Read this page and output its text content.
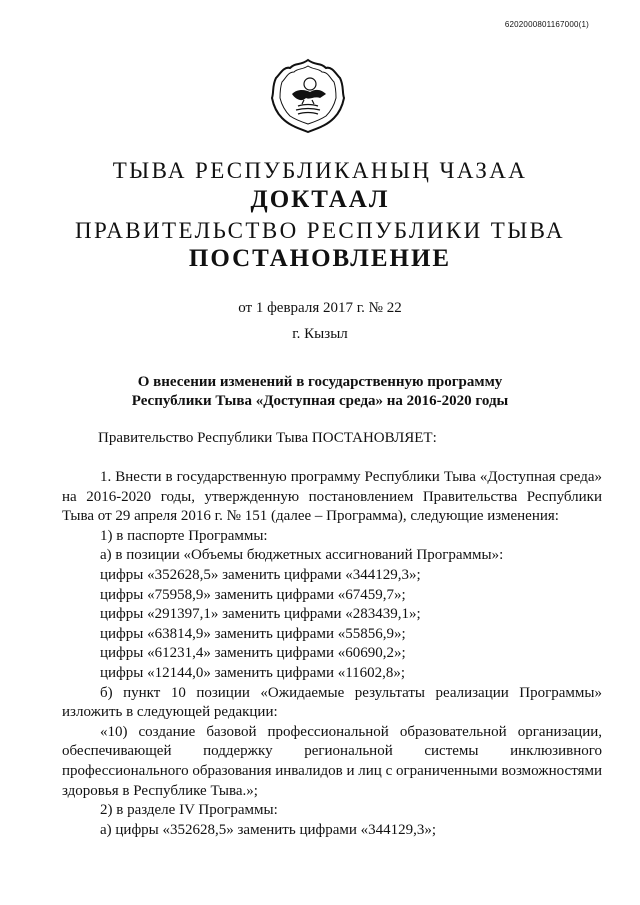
6202000801167000(1)
ТЫВА РЕСПУБЛИКАНЫҢ ЧАЗАА
ДОКТААЛ
ПРАВИТЕЛЬСТВО РЕСПУБЛИКИ ТЫВА
ПОСТАНОВЛЕНИЕ
от 1 февраля 2017 г. № 22
г. Кызыл
О внесении изменений в государственную программу
Республики Тыва «Доступная среда» на 2016-2020 годы
Правительство Республики Тыва ПОСТАНОВЛЯЕТ:

1. Внести в государственную программу Республики Тыва «Доступная среда» на 2016-2020 годы, утвержденную постановлением Правительства Республики Тыва от 29 апреля 2016 г. № 151 (далее – Программа), следующие изменения:

1) в паспорте Программы:

а) в позиции «Объемы бюджетных ассигнований Программы»:

цифры «352628,5» заменить цифрами «344129,3»;

цифры «75958,9» заменить цифрами «67459,7»;

цифры «291397,1» заменить цифрами «283439,1»;

цифры «63814,9» заменить цифрами «55856,9»;

цифры «61231,4» заменить цифрами «60690,2»;

цифры «12144,0» заменить цифрами «11602,8»;

б) пункт 10 позиции «Ожидаемые результаты реализации Программы» изложить в следующей редакции:

«10) создание базовой профессиональной образовательной организации, обеспечивающей поддержку региональной системы инклюзивного профессионального образования инвалидов и лиц с ограниченными возможностями здоровья в Республике Тыва.»;

2) в разделе IV Программы:

а) цифры «352628,5» заменить цифрами «344129,3»;
